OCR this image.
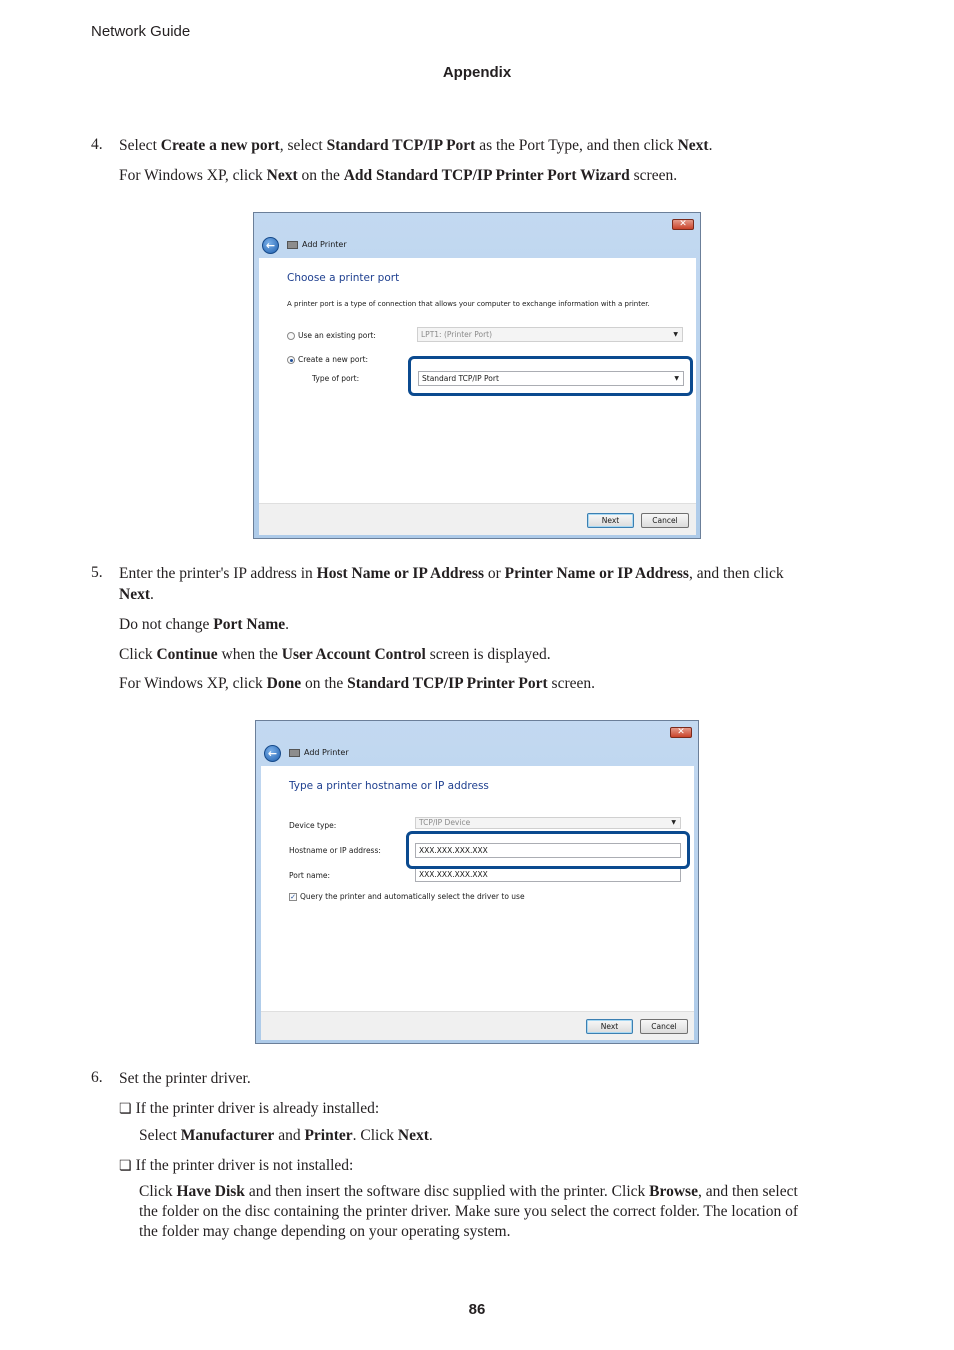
Network Guide
Appendix
4. Select Create a new port, select Standard TCP/IP Port as the Port Type, and then click Next.
For Windows XP, click Next on the Add Standard TCP/IP Printer Port Wizard screen.
✕
←	Add Printer
Choose a printer port
A printer port is a type of connection that allows your computer to exchange information with a printer.
Use an existing port:	LPT1: (Printer Port)	▼
Create a new port:
Type of port:	Standard TCP/IP Port	▼
Next	Cancel
5. Enter the printer's IP address in Host Name or IP Address or Printer Name or IP Address, and then click
Next.
Do not change Port Name.
Click Continue when the User Account Control screen is displayed.
For Windows XP, click Done on the Standard TCP/IP Printer Port screen.
✕
←	Add Printer
Type a printer hostname or IP address
Device type:	TCP/IP Device	▼
Hostname or IP address:	XXX.XXX.XXX.XXX
Port name:	XXX.XXX.XXX.XXX
✓ Query the printer and automatically select the driver to use
Next	Cancel
6. Set the printer driver.
❏ If the printer driver is already installed:
Select Manufacturer and Printer. Click Next.
❏ If the printer driver is not installed:
Click Have Disk and then insert the software disc supplied with the printer. Click Browse, and then select
the folder on the disc containing the printer driver. Make sure you select the correct folder. The location of
the folder may change depending on your operating system.
86
